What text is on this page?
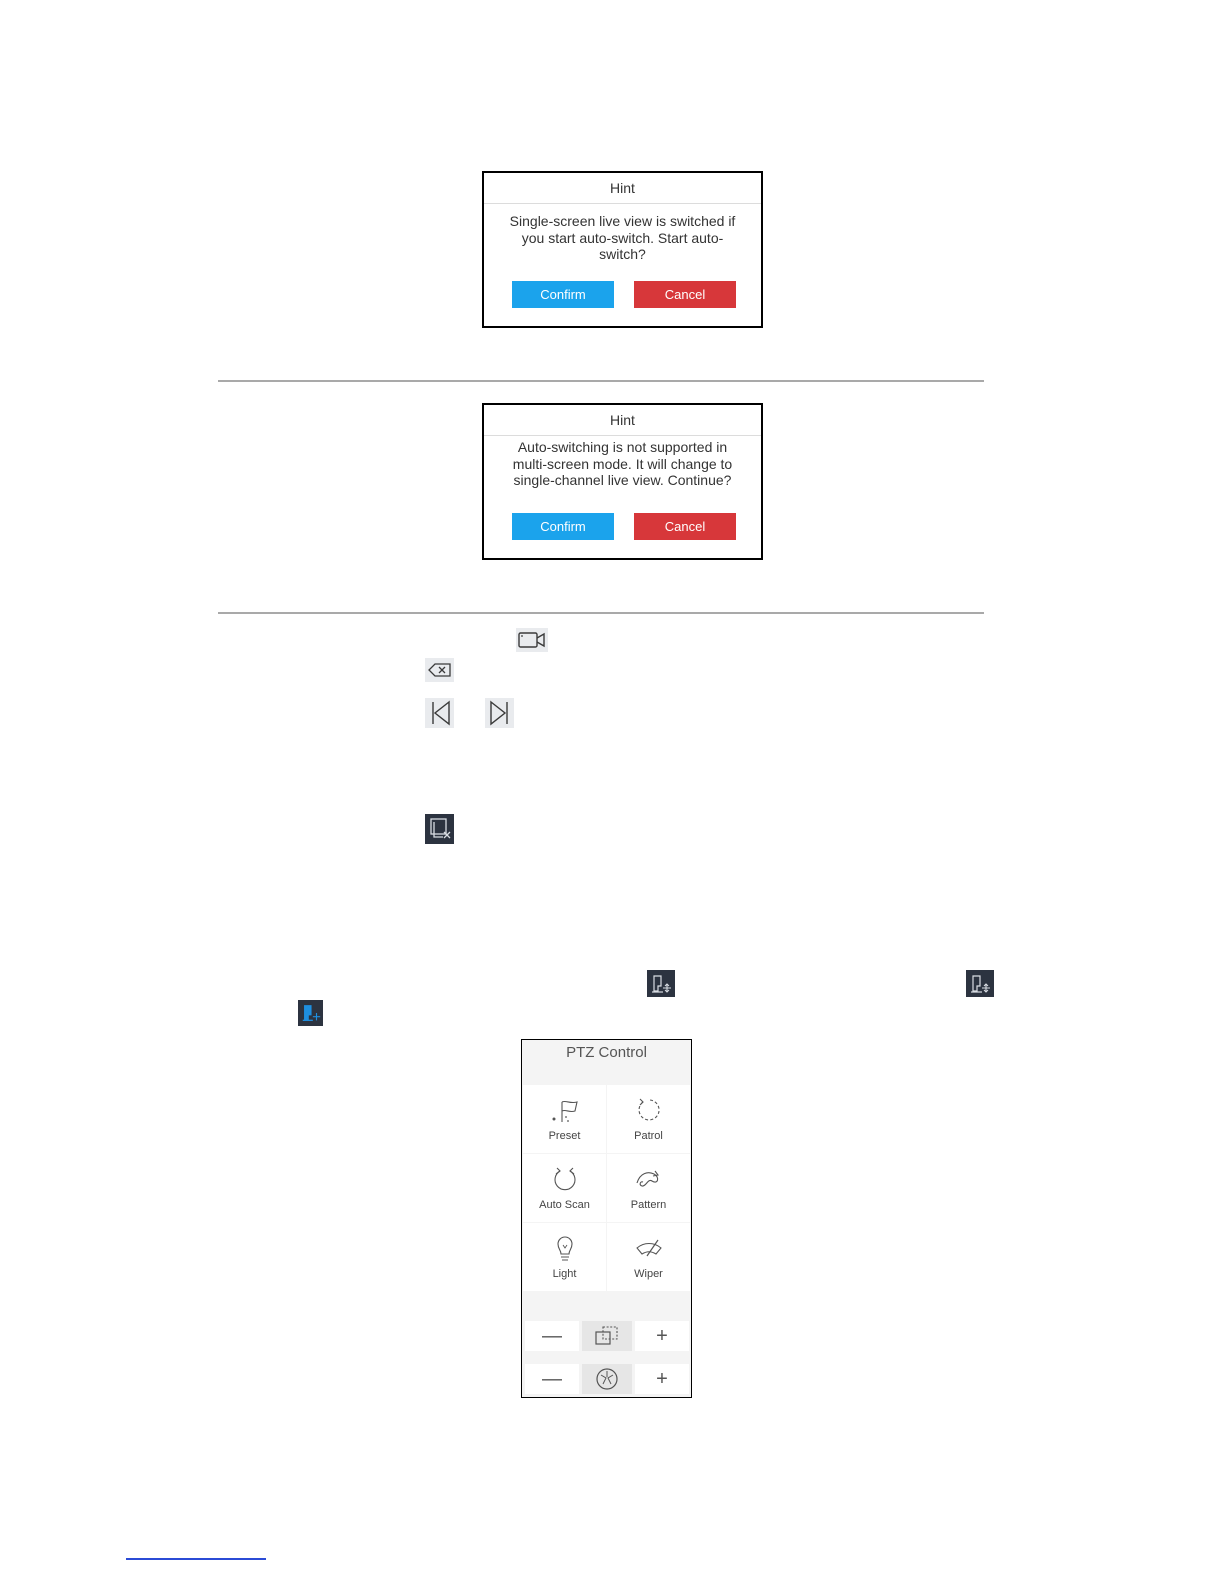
Hint
Single-screen live view is switched if you start auto-switch. Start auto-switch?
Confirm	Cancel
Hint
Auto-switching is not supported in multi-screen mode. It will change to single-channel live view. Continue?
Confirm	Cancel
PTZ Control
Preset	Patrol
Auto Scan	Pattern
Light	Wiper
—	+
—	+
